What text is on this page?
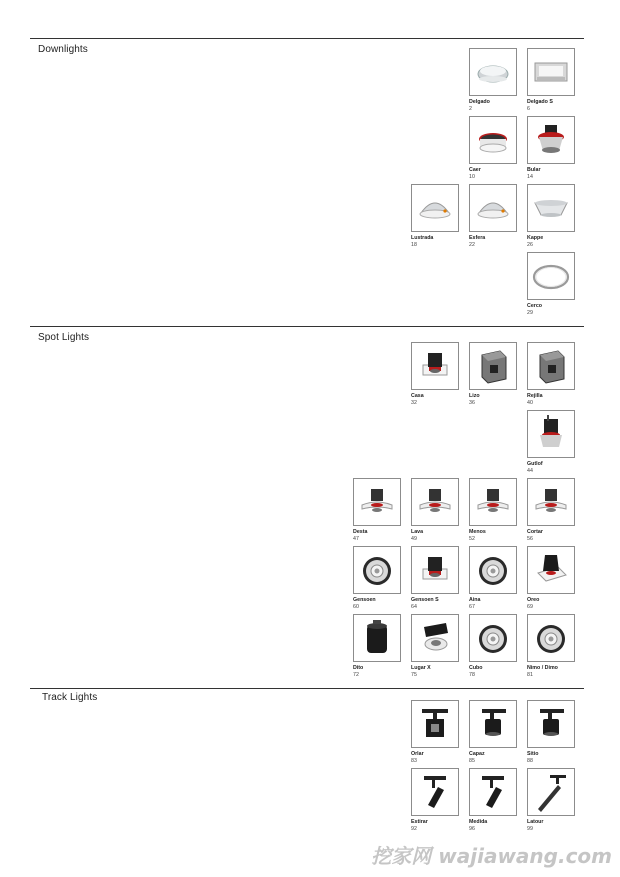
Downlights
Spot Lights
Track Lights
Delgado
2
Delgado S
6
Caer
10
Bular
14
Lustrada
18
Esfera
22
Kappe
26
Cerco
29
Casa
32
Lizo
36
Rejilla
40
Gutlof
44
Desta
47
Lava
49
Menos
52
Cortar
56
Gensoen
60
Gensoen S
64
Aina
67
Oreo
69
Dito
72
Lugar X
75
Cubo
78
Nimo / Dimo
81
Orlar
83
Capaz
85
Sitio
88
Estirar
92
Medida
96
Latour
99
挖家网 wajiawang.com
